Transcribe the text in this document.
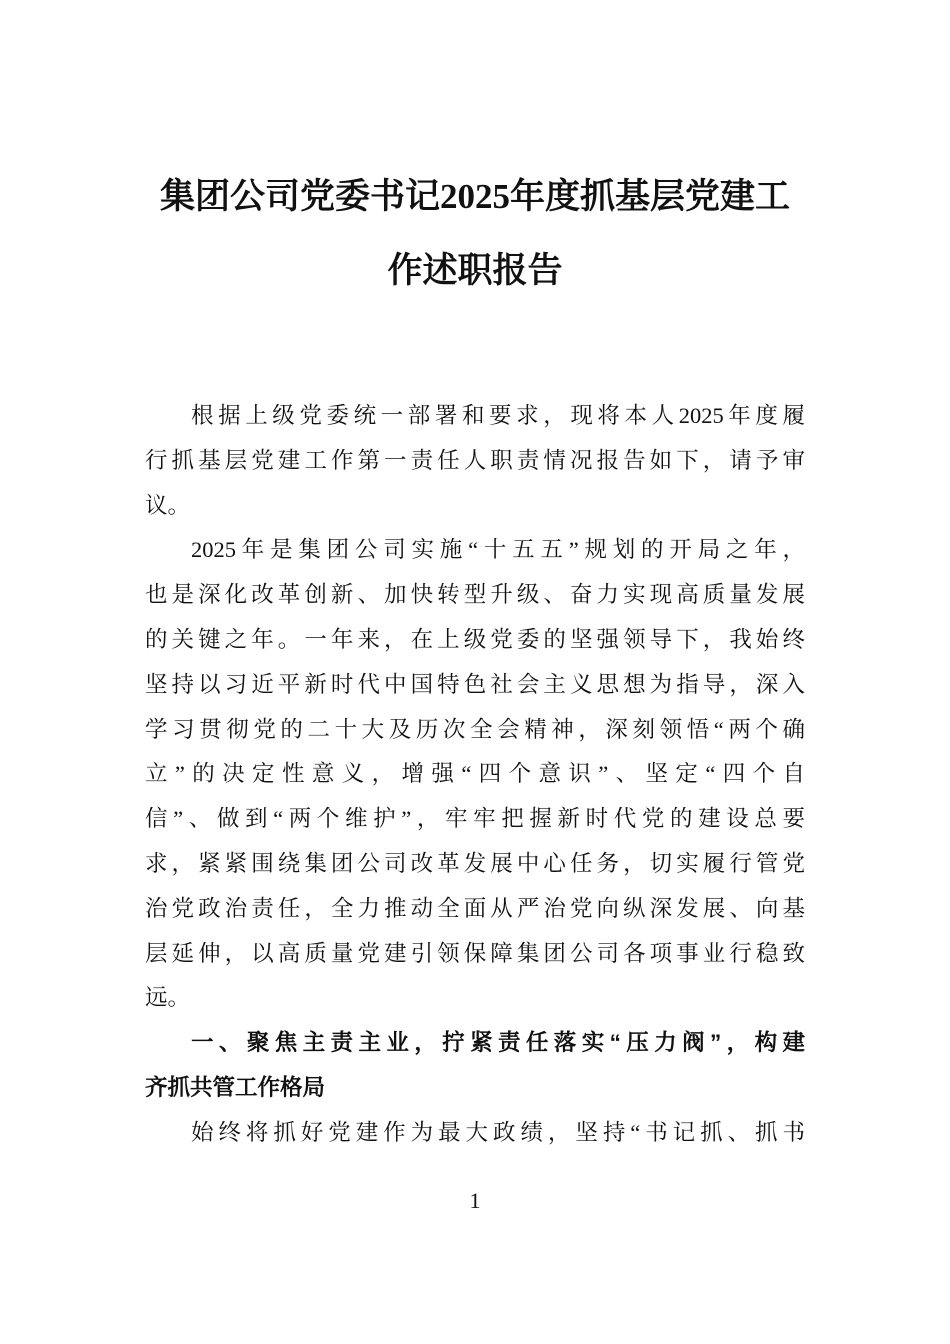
集团公司党委书记2025年度抓基层党建工
作述职报告
根据上级党委统一部署和要求，现将本人2025年度履
行抓基层党建工作第一责任人职责情况报告如下，请予审
议。
2025年是集团公司实施“十五五”规划的开局之年，
也是深化改革创新、加快转型升级、奋力实现高质量发展
的关键之年。一年来，在上级党委的坚强领导下，我始终
坚持以习近平新时代中国特色社会主义思想为指导，深入
学习贯彻党的二十大及历次全会精神，深刻领悟“两个确
立”的决定性意义，增强“四个意识”、坚定“四个自
信”、做到“两个维护”，牢牢把握新时代党的建设总要
求，紧紧围绕集团公司改革发展中心任务，切实履行管党
治党政治责任，全力推动全面从严治党向纵深发展、向基
层延伸，以高质量党建引领保障集团公司各项事业行稳致
远。
一、聚焦主责主业，拧紧责任落实“压力阀”，构建
齐抓共管工作格局
始终将抓好党建作为最大政绩，坚持“书记抓、抓书
1
